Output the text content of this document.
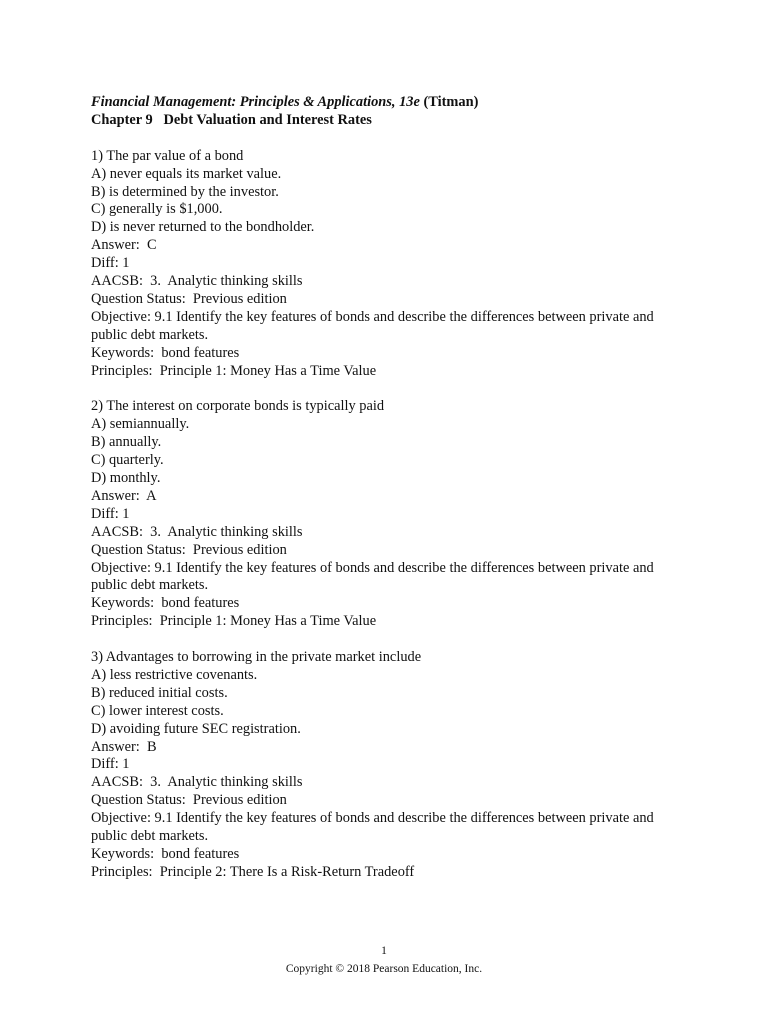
Financial Management: Principles & Applications, 13e (Titman)
Chapter 9   Debt Valuation and Interest Rates
1) The par value of a bond
A) never equals its market value.
B) is determined by the investor.
C) generally is $1,000.
D) is never returned to the bondholder.
Answer:  C
Diff: 1
AACSB:  3.  Analytic thinking skills
Question Status:  Previous edition
Objective: 9.1 Identify the key features of bonds and describe the differences between private and public debt markets.
Keywords:  bond features
Principles:  Principle 1: Money Has a Time Value
2) The interest on corporate bonds is typically paid
A) semiannually.
B) annually.
C) quarterly.
D) monthly.
Answer:  A
Diff: 1
AACSB:  3.  Analytic thinking skills
Question Status:  Previous edition
Objective: 9.1 Identify the key features of bonds and describe the differences between private and public debt markets.
Keywords:  bond features
Principles:  Principle 1: Money Has a Time Value
3) Advantages to borrowing in the private market include
A) less restrictive covenants.
B) reduced initial costs.
C) lower interest costs.
D) avoiding future SEC registration.
Answer:  B
Diff: 1
AACSB:  3.  Analytic thinking skills
Question Status:  Previous edition
Objective: 9.1 Identify the key features of bonds and describe the differences between private and public debt markets.
Keywords:  bond features
Principles:  Principle 2: There Is a Risk-Return Tradeoff
1
Copyright © 2018 Pearson Education, Inc.
